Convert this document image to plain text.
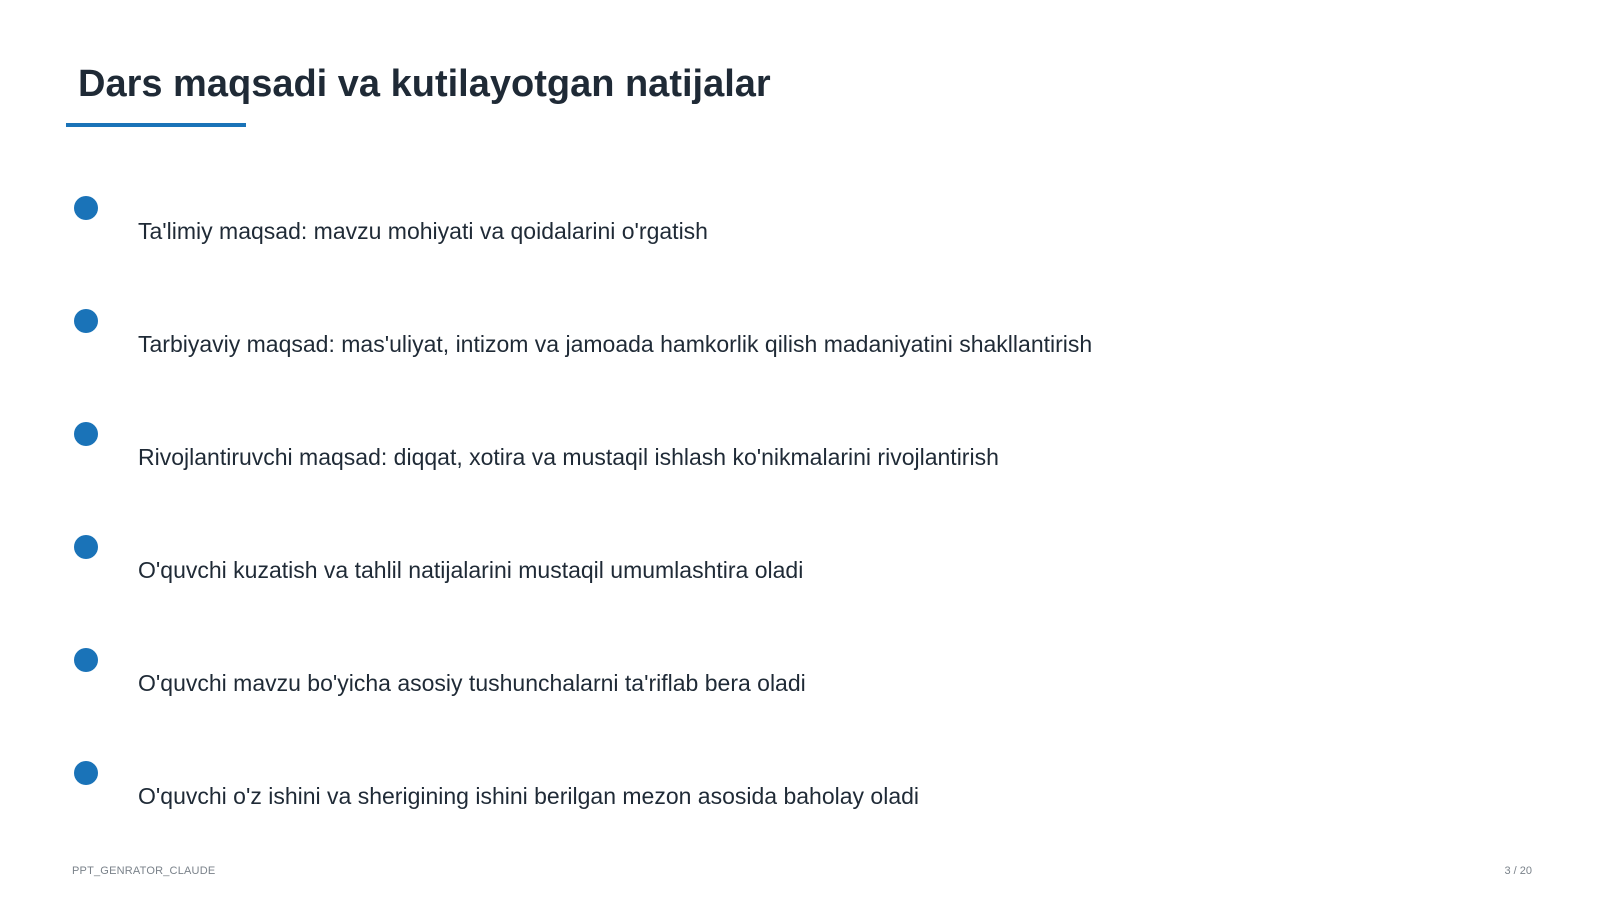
Dars maqsadi va kutilayotgan natijalar
Ta'limiy maqsad: mavzu mohiyati va qoidalarini o'rgatish
Tarbiyaviy maqsad: mas'uliyat, intizom va jamoada hamkorlik qilish madaniyatini shakllantirish
Rivojlantiruvchi maqsad: diqqat, xotira va mustaqil ishlash ko'nikmalarini rivojlantirish
O'quvchi kuzatish va tahlil natijalarini mustaqil umumlashtira oladi
O'quvchi mavzu bo'yicha asosiy tushunchalarni ta'riflab bera oladi
O'quvchi o'z ishini va sherigining ishini berilgan mezon asosida baholay oladi
PPT_GENRATOR_CLAUDE	3 / 20
